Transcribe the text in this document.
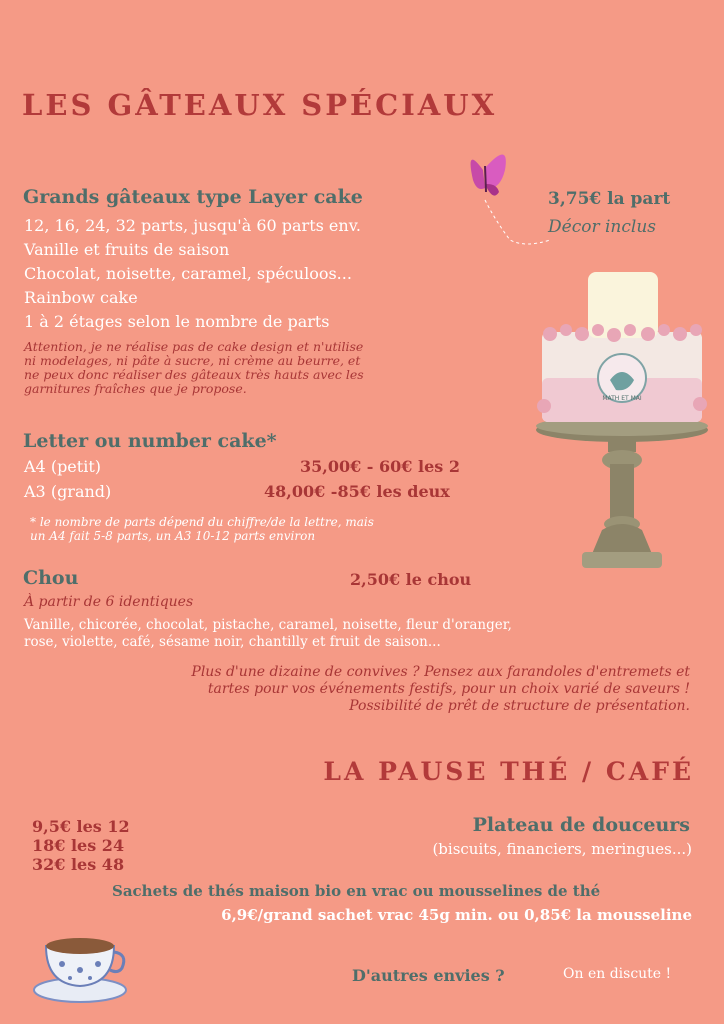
LES GÂTEAUX SPÉCIAUX
Grands gâteaux type Layer cake	3,75€ la part
Décor inclus
12, 16, 24, 32 parts, jusqu'à 60 parts env.
Vanille et fruits de saison
Chocolat, noisette, caramel, spéculoos...
Rainbow cake
1 à 2 étages selon le nombre de parts
Attention, je ne réalise pas de cake design et n'utilise
ni modelages, ni pâte à sucre, ni crème au beurre, et
ne peux donc réaliser des gâteaux très hauts avec les
garnitures fraîches que je propose.
MATH ET MAI
Letter ou number cake*
A4 (petit)	35,00€ - 60€ les 2
A3 (grand)	48,00€ -85€ les deux
* le nombre de parts dépend du chiffre/de la lettre, mais
un A4 fait 5-8 parts, un A3 10-12 parts environ
Chou	2,50€ le chou
À partir de 6 identiques
Vanille, chicorée, chocolat, pistache, caramel, noisette, fleur d'oranger,
rose, violette, café, sésame noir, chantilly et fruit de saison...
Plus d'une dizaine de convives ? Pensez aux farandoles d'entremets et
tartes pour vos événements festifs, pour un choix varié de saveurs !
Possibilité de prêt de structure de présentation.
LA PAUSE THÉ / CAFÉ
9,5€ les 12
18€ les 24
32€ les 48
Plateau de douceurs
(biscuits, financiers, meringues...)
Sachets de thés maison bio en vrac ou mousselines de thé
6,9€/grand sachet vrac 45g min. ou 0,85€ la mousseline
D'autres envies ?	On en discute !
